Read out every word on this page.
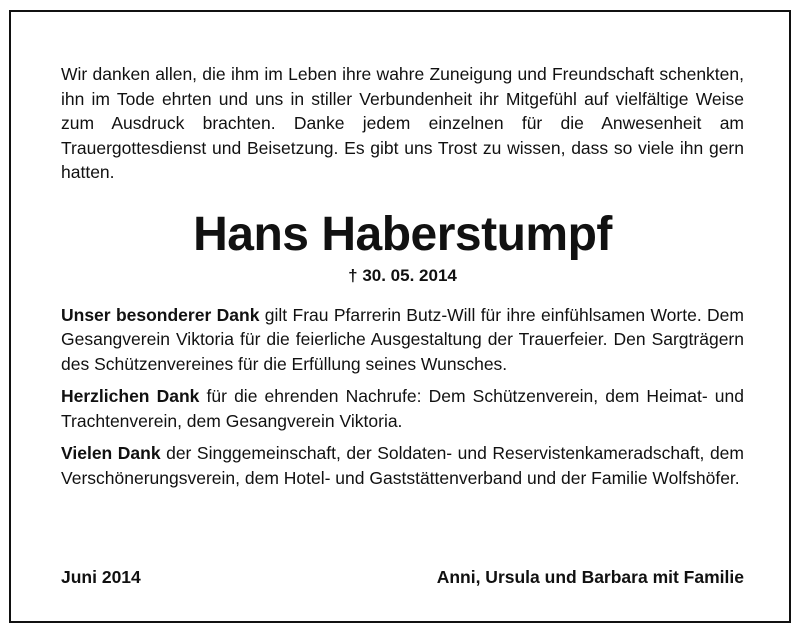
Wir danken allen, die ihm im Leben ihre wahre Zuneigung und Freundschaft schenkten, ihn im Tode ehrten und uns in stiller Verbundenheit ihr Mitgefühl auf vielfältige Weise zum Ausdruck brachten. Danke jedem einzelnen für die Anwesenheit am Trauergottesdienst und Beisetzung. Es gibt uns Trost zu wissen, dass so viele ihn gern hatten.

Hans Haberstumpf
† 30. 05. 2014

Unser besonderer Dank gilt Frau Pfarrerin Butz-Will für ihre einfühlsamen Worte. Dem Gesangverein Viktoria für die feierliche Ausgestaltung der Trauerfeier. Den Sargträgern des Schützenvereines für die Erfüllung seines Wunsches.

Herzlichen Dank für die ehrenden Nachrufe: Dem Schützenverein, dem Heimat- und Trachtenverein, dem Gesangverein Viktoria.

Vielen Dank der Singgemeinschaft, der Soldaten- und Reservistenkameradschaft, dem Verschönerungsverein, dem Hotel- und Gaststättenverband und der Familie Wolfshöfer.

Juni 2014	Anni, Ursula und Barbara mit Familie
